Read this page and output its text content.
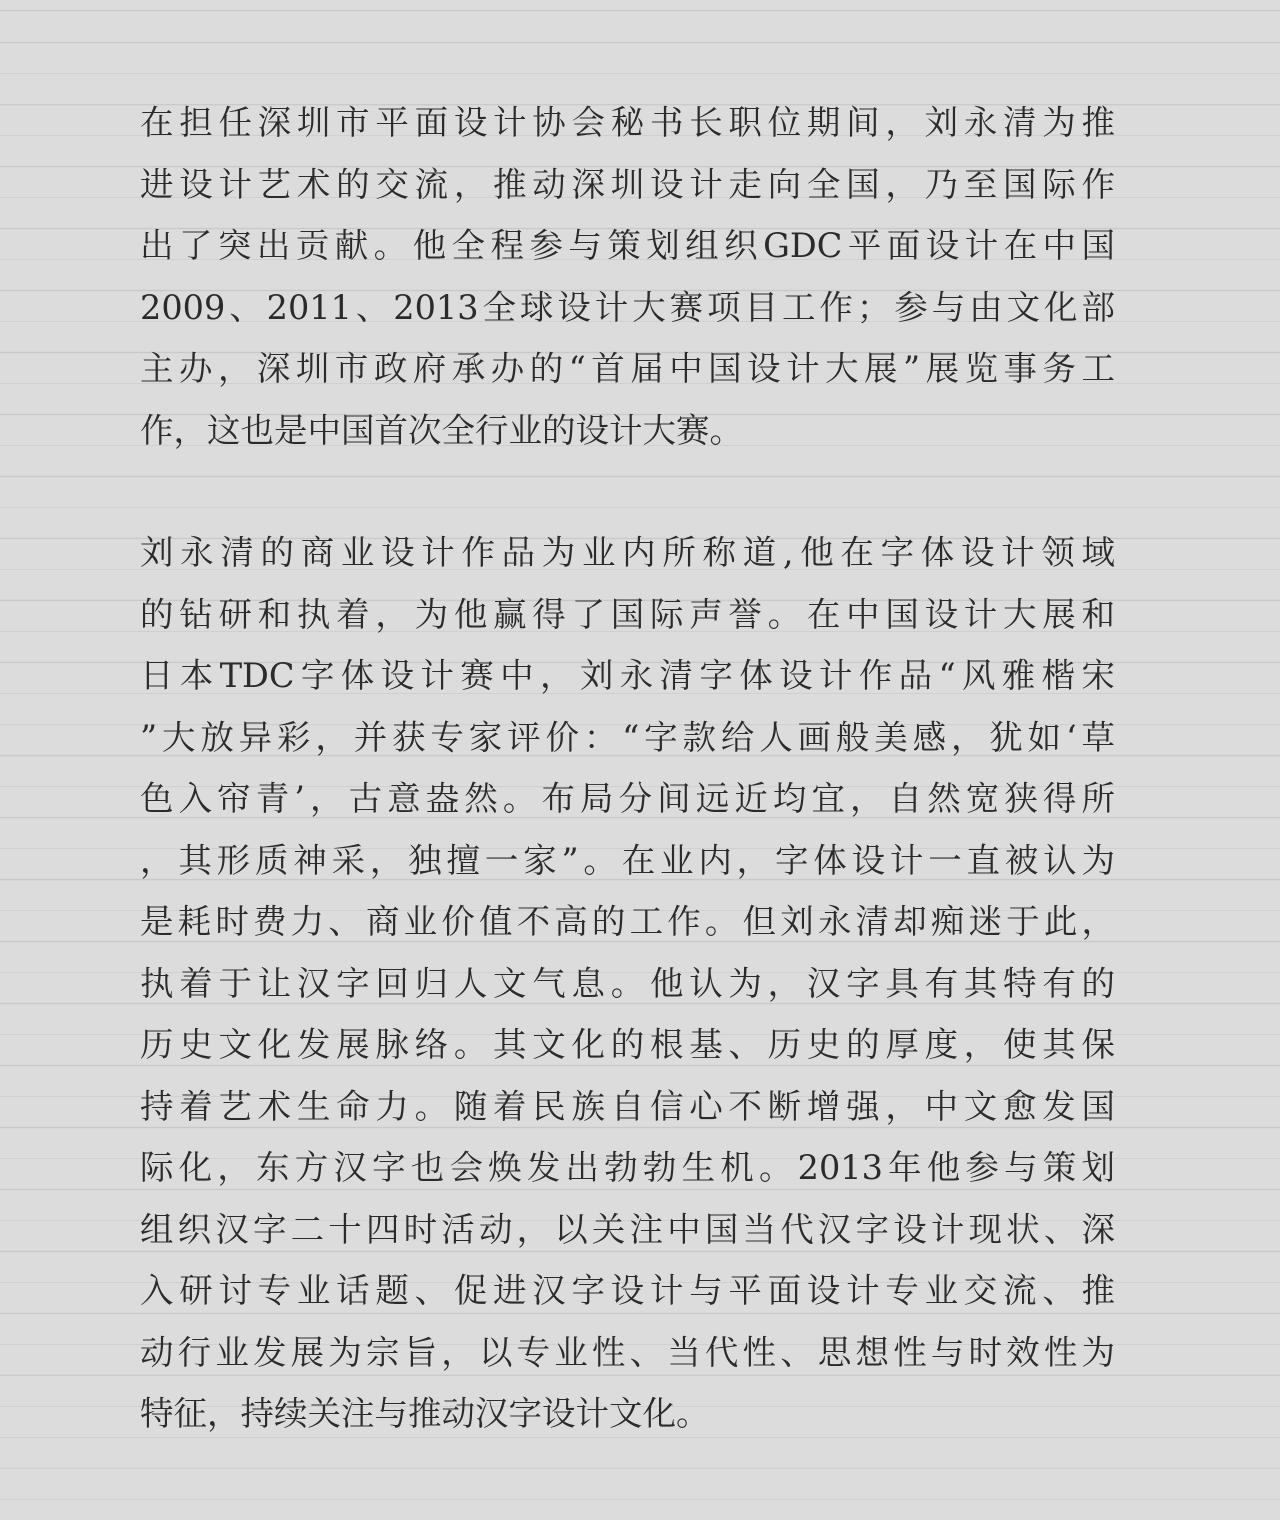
在担任深圳市平面设计协会秘书长职位期间，刘永清为推
进设计艺术的交流，推动深圳设计走向全国，乃至国际作
出了突出贡献。他全程参与策划组织GDC平面设计在中国
2009、2011、2013全球设计大赛项目工作；参与由文化部
主办，深圳市政府承办的“首届中国设计大展”展览事务工
作，这也是中国首次全行业的设计大赛。

刘永清的商业设计作品为业内所称道,他在字体设计领域
的钻研和执着，为他赢得了国际声誉。在中国设计大展和
日本TDC字体设计赛中，刘永清字体设计作品“风雅楷宋
”大放异彩，并获专家评价：“字款给人画般美感，犹如‘草
色入帘青’，古意盎然。布局分间远近均宜，自然宽狭得所
，其形质神采，独擅一家”。在业内，字体设计一直被认为
是耗时费力、商业价值不高的工作。但刘永清却痴迷于此，
执着于让汉字回归人文气息。他认为，汉字具有其特有的
历史文化发展脉络。其文化的根基、历史的厚度，使其保
持着艺术生命力。随着民族自信心不断增强，中文愈发国
际化，东方汉字也会焕发出勃勃生机。2013年他参与策划
组织汉字二十四时活动，以关注中国当代汉字设计现状、深
入研讨专业话题、促进汉字设计与平面设计专业交流、推
动行业发展为宗旨，以专业性、当代性、思想性与时效性为
特征，持续关注与推动汉字设计文化。
